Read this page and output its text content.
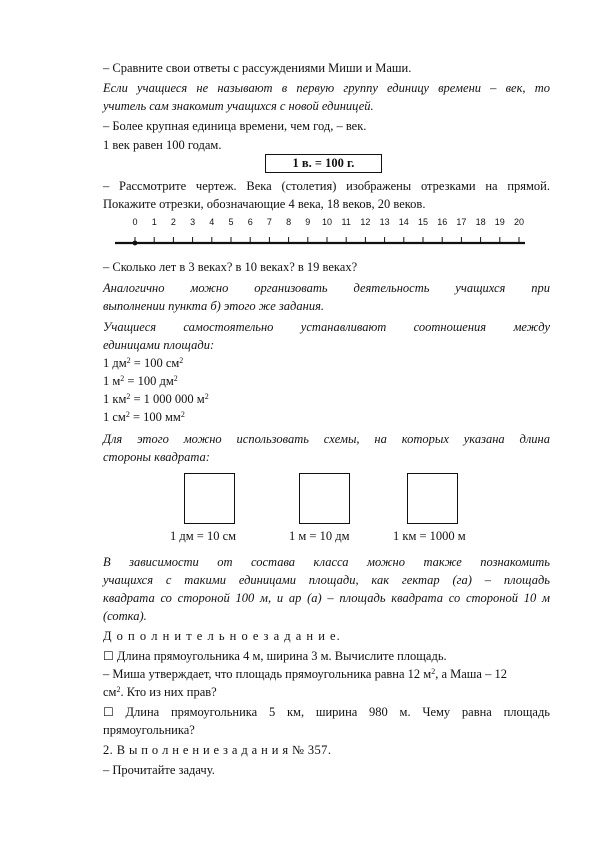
– Сравните свои ответы с рассуждениями Миши и Маши.
Если учащиеся не называют в первую группу единицу времени – век, то
учитель сам знакомит учащихся с новой единицей.
– Более крупная единица времени, чем год, – век.
1 век равен 100 годам.
1 в. = 100 г.
– Рассмотрите чертеж. Века (столетия) изображены отрезками на прямой.
Покажите отрезки, обозначающие 4 века, 18 веков, 20 веков.
0 1 2 3 4 5 6 7 8 9 10 11 12 13 14 15 16 17 18 19 20
– Сколько лет в 3 веках? в 10 веках? в 19 веках?
Аналогично можно организовать деятельность учащихся при
выполнении пункта б) этого же задания.
Учащиеся самостоятельно устанавливают соотношения между
единицами площади:
1 $дм^2 = 100$ $см^2$
1 $м^2 = 100$ $дм^2$
1 $км^2 = 1$ 000 000 $м^2$
1 $см^2 = 100$ $мм^2$
Для этого можно использовать схемы, на которых указана длина
стороны квадрата:
1 дм = 10 см	1 м = 10 дм	1 км = 1000 м
В зависимости от состава класса можно также познакомить
учащихся с такими единицами площади, как гектар (га) – площадь
квадрата со стороной 100 м, и ар (а) – площадь квадрата со стороной 10 м
(сотка).
Д о п о л н и т е л ь н о е з а д а н и е.
☐ Длина прямоугольника 4 м, ширина 3 м. Вычислите площадь.
– Миша утверждает, что площадь прямоугольника равна 12 $м^2$, а Маша – 12
$см^2$. Кто из них прав?
☐ Длина прямоугольника 5 км, ширина 980 м. Чему равна площадь
прямоугольника?
2. В ы п о л н е н и е з а д а н и я № 357.
– Прочитайте задачу.
